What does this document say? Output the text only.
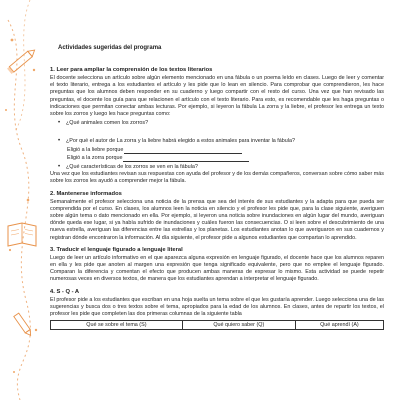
Actividades sugeridas del programa
1. Leer para ampliar la comprensión de los textos literarios

El docente selecciona un artículo sobre algún elemento mencionado en una fábula o un poema leído en clases. Luego de leer y comentar el texto literario, entrega a los estudiantes el artículo y les pide que lo lean en silencio. Para comprobar que comprendieron, les hace preguntas que los alumnos deben responder en su cuaderno y luego compartir con el resto del curso. Una vez que han revisado las preguntas, el docente los guía para que relacionen el artículo con el texto literario. Para esto, es recomendable que les haga preguntas o indicaciones que permitan conectar ambas lecturas. Por ejemplo, si leyeron la fábula La zorra y la liebre, el profesor les entrega un texto sobre los zorros y luego les hace preguntas como:

•	¿Qué animales comen los zorros?
•	¿Por qué el autor de La zorra y la liebre habrá elegido a estos animales para inventar la fábula?
Eligió a la liebre porque
Eligió a la zorra porque
•	¿Qué características de los zorros se ven en la fábula?

Una vez que los estudiantes revisan sus respuestas con ayuda del profesor y de los demás compañeros, conversan sobre cómo saber más sobre los zorros les ayudó a comprender mejor la fábula.

2. Mantenerse informados

Semanalmente el profesor selecciona una noticia de la prensa que sea del interés de sus estudiantes y la adapta para que pueda ser comprendida por el curso. En clases, los alumnos leen la noticia en silencio y el profesor les pide que, para la clase siguiente, averiguen sobre algún tema o dato mencionado en ella. Por ejemplo, si leyeron una noticia sobre inundaciones en algún lugar del mundo, averiguan dónde queda ese lugar, si ya había sufrido de inundaciones y cuáles fueron las consecuencias. O si leen sobre el descubrimiento de una nueva estrella, averiguan las diferencias entre las estrellas y los planetas. Los estudiantes anotan lo que averiguaron en sus cuadernos y registran dónde encontraron la información. Al día siguiente, el profesor pide a algunos estudiantes que compartan lo aprendido.

3. Traducir el lenguaje figurado a lenguaje literal

Luego de leer un artículo informativo en el que aparezca alguna expresión en lenguaje figurado, el docente hace que los alumnos reparen en ella y les pide que anoten al margen una expresión que tenga significado equivalente, pero que no emplee el lenguaje figurado. Comparan la diferencia y comentan el efecto que producen ambas maneras de expresar lo mismo. Esta actividad se puede repetir numerosas veces en diversos textos, de manera que los estudiantes aprendan a interpretar el lenguaje figurado.

4. S - Q - A

El profesor pide a los estudiantes que escriban en una hoja suelta un tema sobre el que les gustaría aprender. Luego selecciona una de las sugerencias y busca dos o tres textos sobre el tema, apropiados para la edad de los alumnos. En clases, antes de repartir los textos, el profesor les pide que completen las dos primeras columnas de la siguiente tabla

Qué se sobre el tema (S)	Qué quiero saber (Q)	Qué aprendí (A)
